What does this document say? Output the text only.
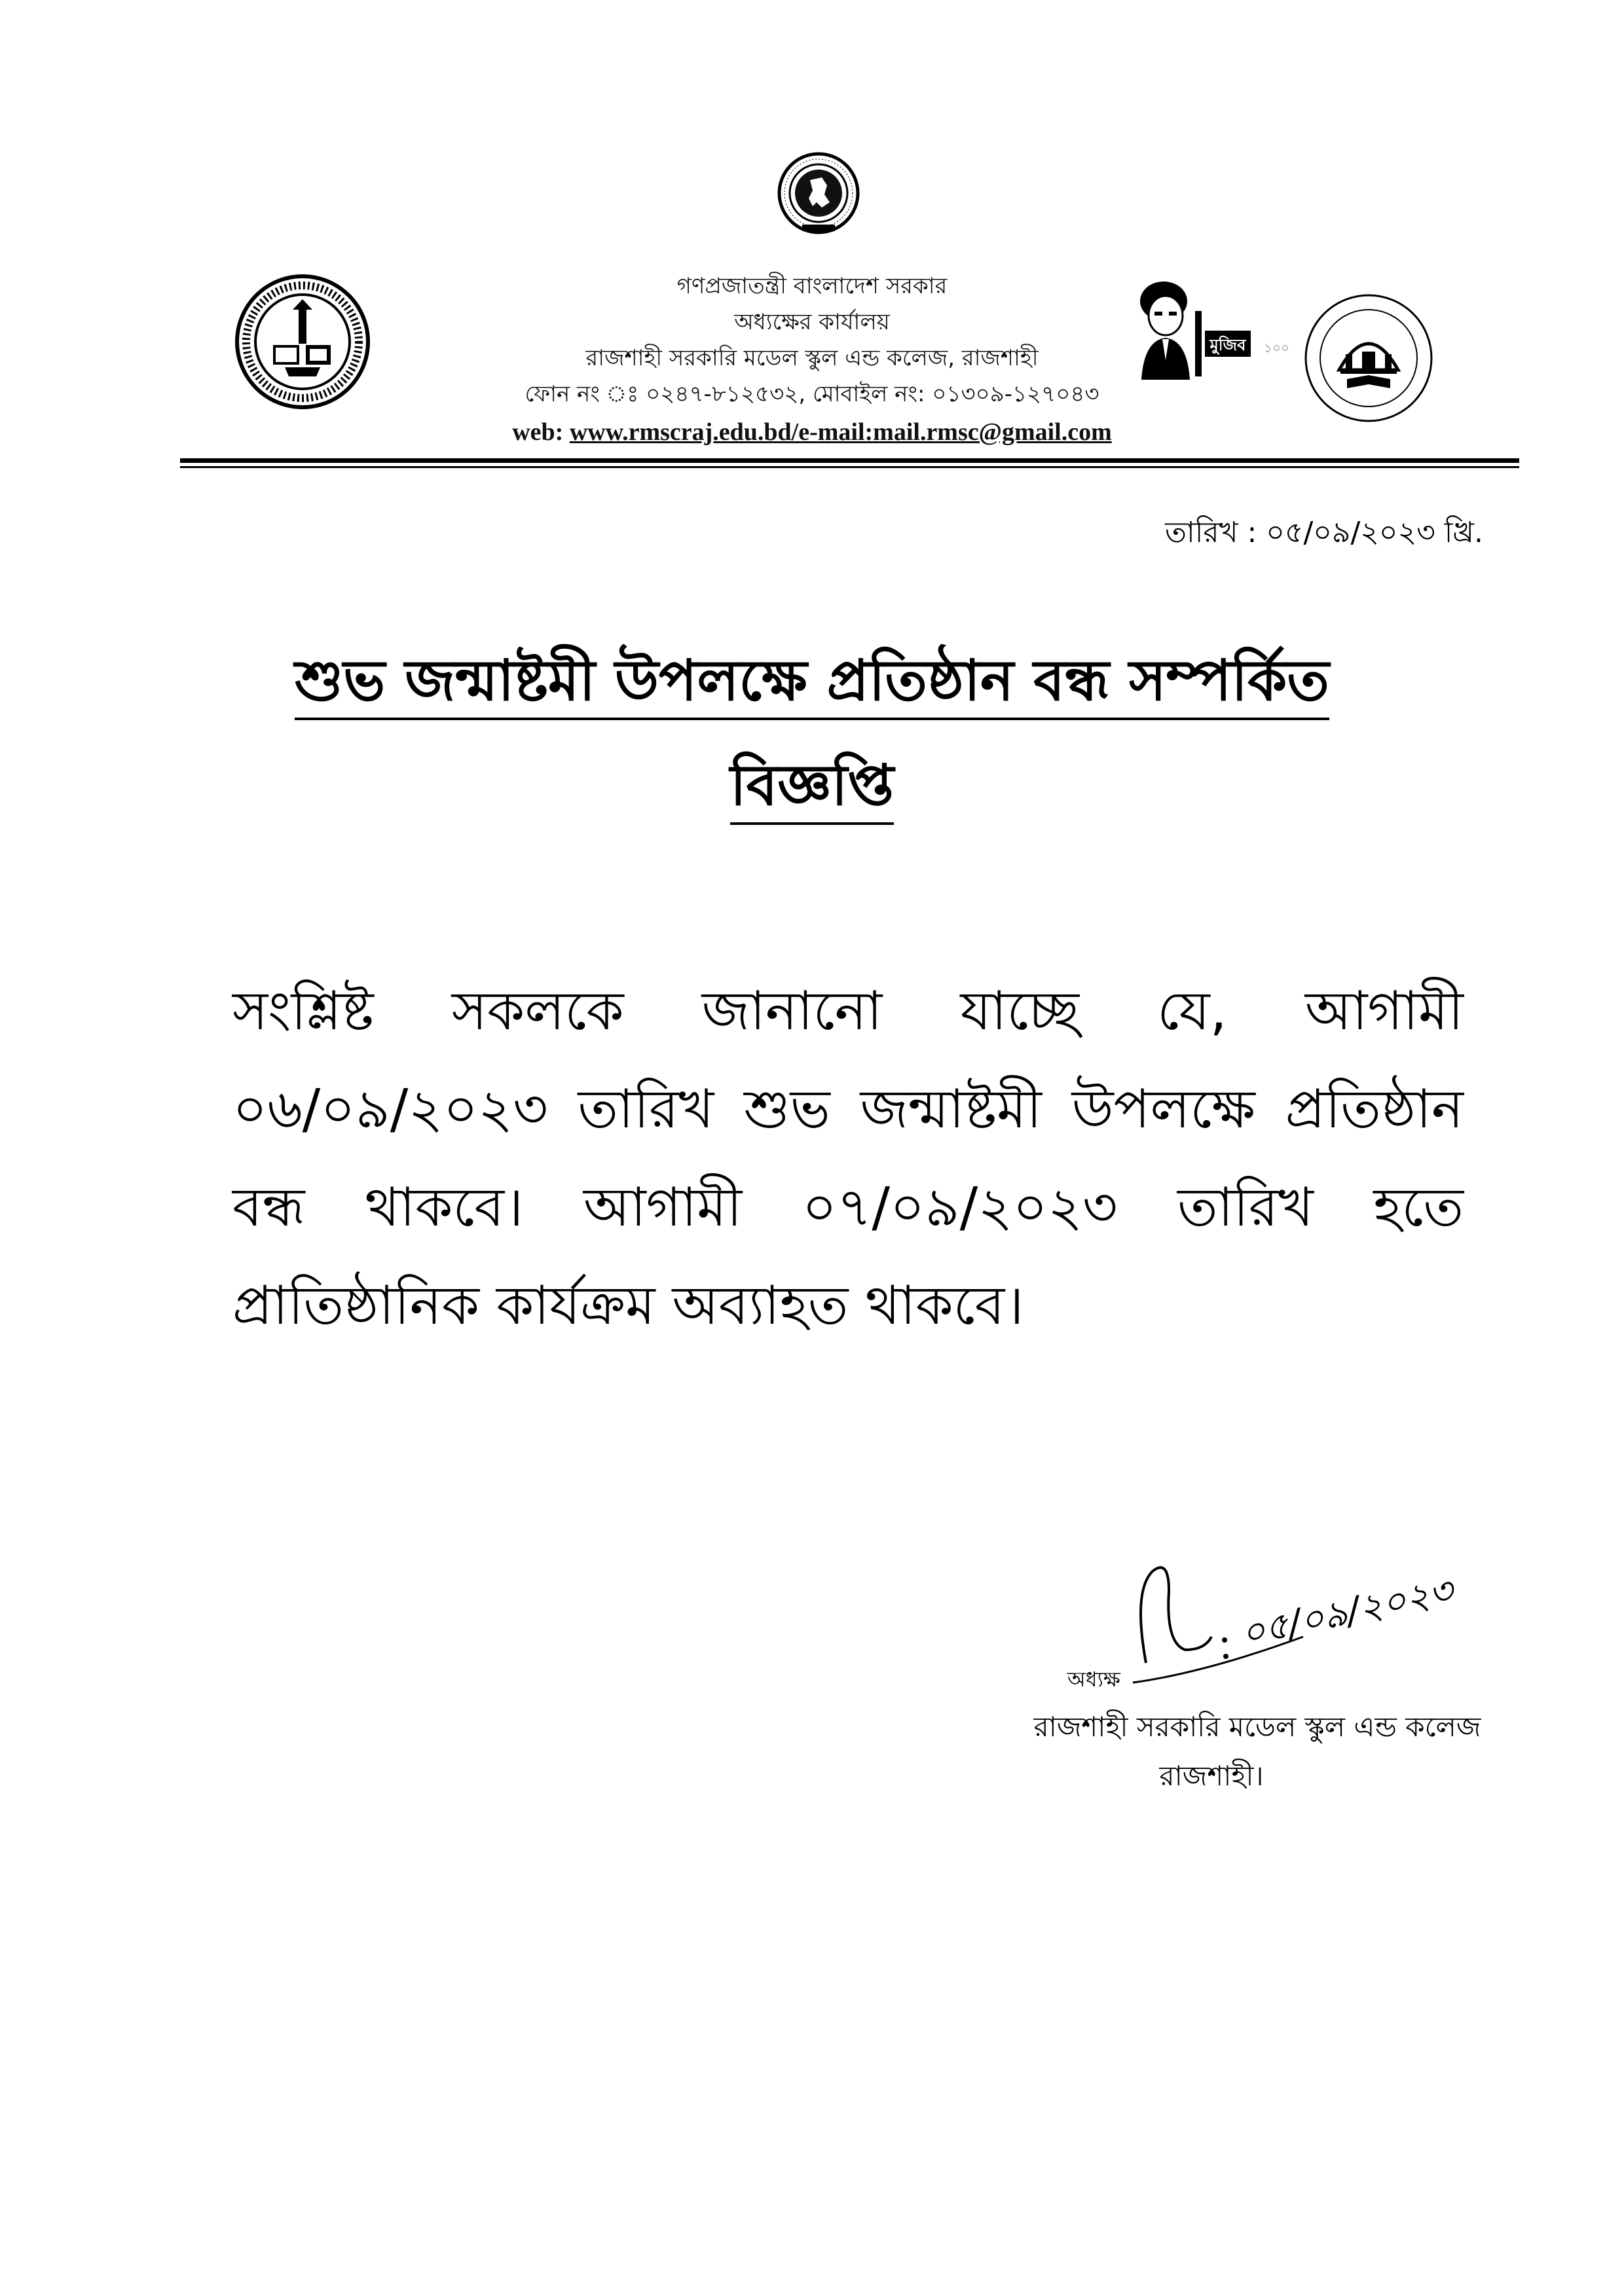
মুজিব ১০০
গণপ্রজাতন্ত্রী বাংলাদেশ সরকার
অধ্যক্ষের কার্যালয়
রাজশাহী সরকারি মডেল স্কুল এন্ড কলেজ, রাজশাহী
ফোন নং ঃ ০২৪৭-৮১২৫৩২, মোবাইল নং: ০১৩০৯-১২৭০৪৩
web: www.rmscraj.edu.bd/e-mail:mail.rmsc@gmail.com
তারিখ : ০৫/০৯/২০২৩ খ্রি.
শুভ জন্মাষ্টমী উপলক্ষে প্রতিষ্ঠান বন্ধ সম্পর্কিত
বিজ্ঞপ্তি
সংশ্লিষ্ট সকলকে জানানো যাচ্ছে যে, আগামী ০৬/০৯/২০২৩ তারিখ শুভ জন্মাষ্টমী উপলক্ষে প্রতিষ্ঠান বন্ধ থাকবে। আগামী ০৭/০৯/২০২৩ তারিখ হতে প্রাতিষ্ঠানিক কার্যক্রম অব্যাহত থাকবে।
০৫/০৯/২০২৩
অধ্যক্ষ
রাজশাহী সরকারি মডেল স্কুল এন্ড কলেজ
রাজশাহী।
